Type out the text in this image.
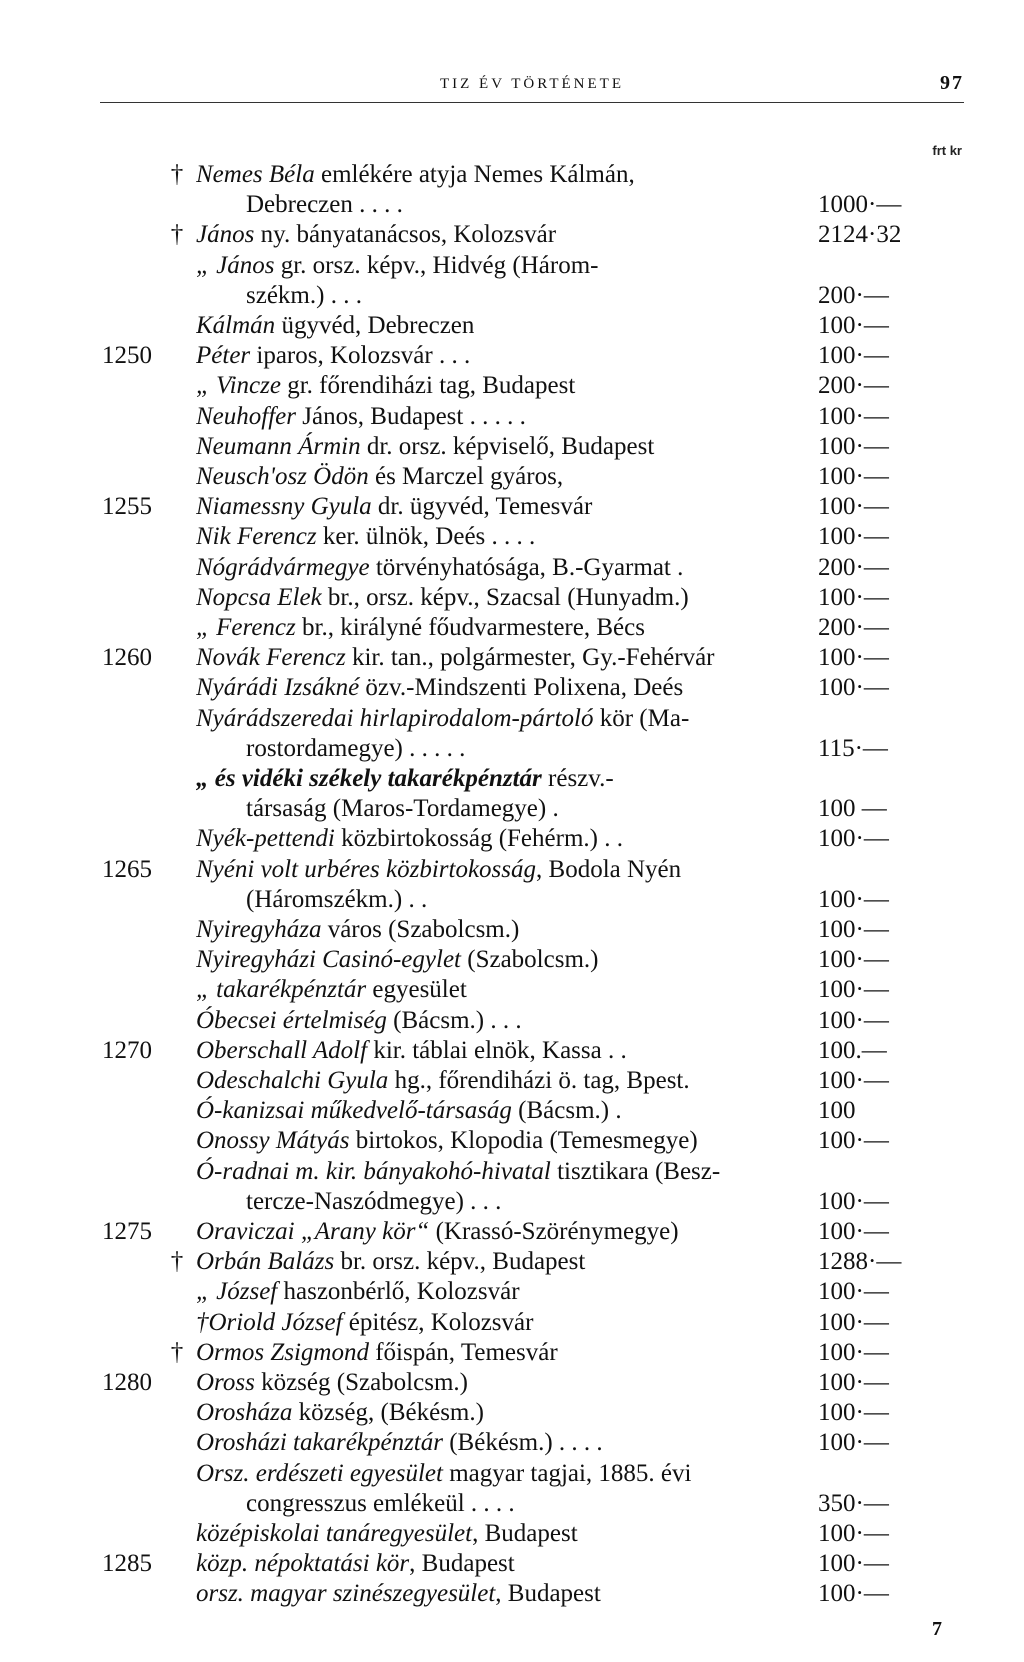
TIZ ÉV TÖRTÉNETE	97
frt kr
† Nemes Béla emlékére atyja Nemes Kálmán,
Debreczen . . . .	1000·—
† János ny. bányatanácsos, Kolozsvár	2124·32
„ János gr. orsz. képv., Hidvég (Három-
székm.) . . .	200·—
Kálmán ügyvéd, Debreczen	100·—
1250 Péter iparos, Kolozsvár . . .	100·—
„ Vincze gr. főrendiházi tag, Budapest	200·—
Neuhoffer János, Budapest . . . . .	100·—
Neumann Ármin dr. orsz. képviselő, Budapest	100·—
Neusch'osz Ödön és Marczel gyáros,	100·—
1255 Niamessny Gyula dr. ügyvéd, Temesvár	100·—
Nik Ferencz ker. ülnök, Deés . . . .	100·—
Nógrádvármegye törvényhatósága, B.-Gyarmat .	200·—
Nopcsa Elek br., orsz. képv., Szacsal (Hunyadm.)	100·—
„ Ferencz br., királyné főudvarmestere, Bécs	200·—
1260 Novák Ferencz kir. tan., polgármester, Gy.-Fehérvár	100·—
Nyárádi Izsákné özv.-Mindszenti Polixena, Deés	100·—
Nyárádszeredai hirlapirodalom-pártoló kör (Ma-
rostordamegye) . . . . .	115·—
„ és vidéki székely takarékpénztár részv.-
társaság (Maros-Tordamegye) .	100 —
Nyék-pettendi közbirtokosság (Fehérm.) . .	100·—
1265 Nyéni volt urbéres közbirtokosság, Bodola Nyén
(Háromszékm.) . .	100·—
Nyiregyháza város (Szabolcsm.)	100·—
Nyiregyházi Casinó-egylet (Szabolcsm.)	100·—
„ takarékpénztár egyesület	100·—
Óbecsei értelmiség (Bácsm.) . . .	100·—
1270 Oberschall Adolf kir. táblai elnök, Kassa . .	100.—
Odeschalchi Gyula hg., főrendiházi ö. tag, Bpest.	100·—
Ó-kanizsai műkedvelő-társaság (Bácsm.) .	100
Onossy Mátyás birtokos, Klopodia (Temesmegye)	100·—
Ó-radnai m. kir. bányakohó-hivatal tisztikara (Besz-
tercze-Naszódmegye) . . .	100·—
1275 Oraviczai „Arany kör“ (Krassó-Szörénymegye)	100·—
† Orbán Balázs br. orsz. képv., Budapest	1288·—
„ József haszonbérlő, Kolozsvár	100·—
†Oriold József épitész, Kolozsvár	100·—
† Ormos Zsigmond főispán, Temesvár	100·—
1280 Oross község (Szabolcsm.)	100·—
Orosháza község, (Békésm.)	100·—
Orosházi takarékpénztár (Békésm.) . . . .	100·—
Orsz. erdészeti egyesület magyar tagjai, 1885. évi
congresszus emlékeül . . . .	350·—
középiskolai tanáregyesület, Budapest	100·—
1285 közp. népoktatási kör, Budapest	100·—
orsz. magyar szinészegyesület, Budapest	100·—
7
